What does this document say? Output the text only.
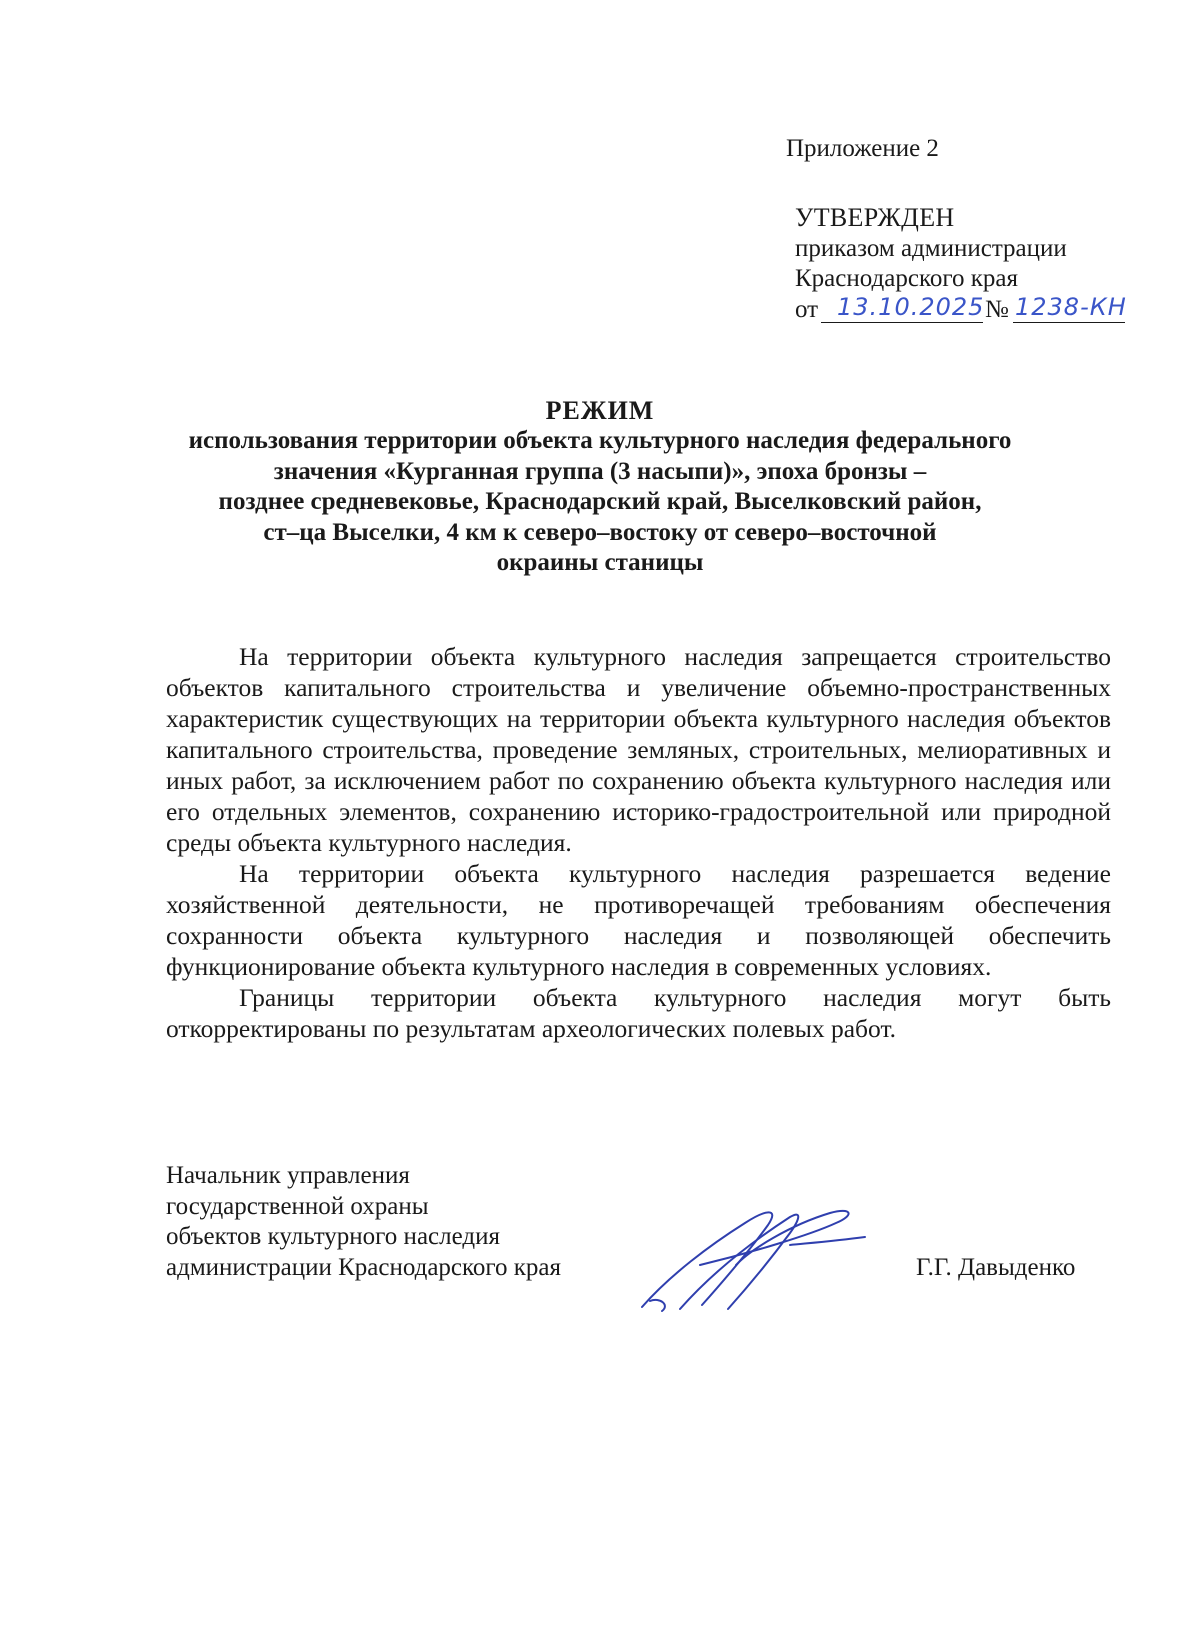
Приложение 2
УТВЕРЖДЕН
приказом администрации
Краснодарского края
от 13.10.2025 № 1238-КН
РЕЖИМ
использования территории объекта культурного наследия федерального
значения «Курганная группа (3 насыпи)», эпоха бронзы –
позднее средневековье, Краснодарский край, Выселковский район,
ст–ца Выселки, 4 км к северо–востоку от северо–восточной
окраины станицы

На территории объекта культурного наследия запрещается строительство объектов капитального строительства и увеличение объемно-пространственных характеристик существующих на территории объекта культурного наследия объектов капитального строительства, проведение земляных, строительных, мелиоративных и иных работ, за исключением работ по сохранению объекта культурного наследия или его отдельных элементов, сохранению историко-градостроительной или природной среды объекта культурного наследия.

На территории объекта культурного наследия разрешается ведение хозяйственной деятельности, не противоречащей требованиям обеспечения сохранности объекта культурного наследия и позволяющей обеспечить функционирование объекта культурного наследия в современных условиях.

Границы территории объекта культурного наследия могут быть откорректированы по результатам археологических полевых работ.

Начальник управления
государственной охраны
объектов культурного наследия
администрации Краснодарского края	Г.Г. Давыденко
